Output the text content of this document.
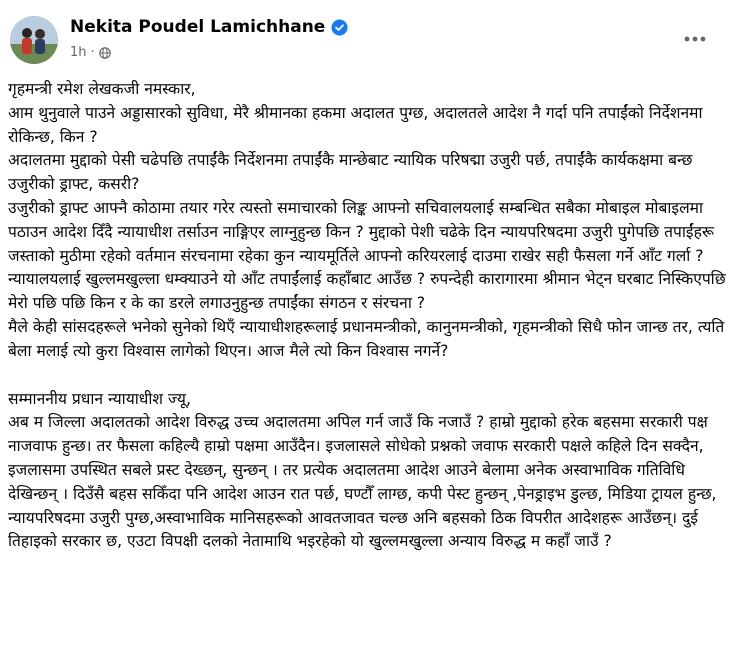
Nekita Poudel Lamichhane
1h ·

गृहमन्त्री रमेश लेखकजी नमस्कार,

आम थुनुवाले पाउने अड्डासारको सुविधा, मेरै श्रीमानका हकमा अदालत पुग्छ, अदालतले आदेश नै गर्दा पनि तपाईंको निर्देशनमा रोकिन्छ, किन ?

अदालतमा मुद्दाको पेसी चढेपछि तपाईंकै निर्देशनमा तपाईंकै मान्छेबाट न्यायिक परिषद्मा उजुरी पर्छ, तपाईंकै कार्यकक्षमा बन्छ उजुरीको ड्राफ्ट, कसरी?

उजुरीको ड्राफ्ट आफ्नै कोठामा तयार गरेर त्यस्तो समाचारको लिङ्क आफ्नो सचिवालयलाई सम्बन्धित सबैका मोबाइल मोबाइलमा पठाउन आदेश दिँदै न्यायाधीश तर्साउन नाङ्गिएर लाग्नुहुन्छ किन ? मुद्दाको पेशी चढेके दिन न्यायपरिषदमा उजुरी पुगेपछि तपाईंहरू जस्ताको मुठीमा रहेको वर्तमान संरचनामा रहेका कुन न्यायमूर्तिले आफ्नो करियरलाई दाउमा राखेर सही फैसला गर्ने आँट गर्ला ? न्यायालयलाई खुल्लमखुल्ला धम्क्याउने यो आँट तपाईंलाई कहाँबाट आउँछ ? रुपन्देही कारागारमा श्रीमान भेट्न घरबाट निस्किएपछि मेरो पछि पछि किन र के का डरले लगाउनुहुन्छ तपाईंका संगठन र संरचना ?

मैले केही सांसदहरूले भनेको सुनेको थिएँ न्यायाधीशहरूलाई प्रधानमन्त्रीको, कानुनमन्त्रीको, गृहमन्त्रीको सिधै फोन जान्छ तर, त्यति बेला मलाई त्यो कुरा विश्वास लागेको थिएन। आज मैले त्यो किन विश्वास नगर्ने?

सम्माननीय प्रधान न्यायाधीश ज्यू,

अब म जिल्ला अदालतको आदेश विरुद्ध उच्च अदालतमा अपिल गर्न जाउँ कि नजाउँ ? हाम्रो मुद्दाको हरेक बहसमा सरकारी पक्ष नाजवाफ हुन्छ। तर फैसला कहिल्यै हाम्रो पक्षमा आउँदैन। इजलासले सोधेको प्रश्नको जवाफ सरकारी पक्षले कहिले दिन सक्दैन, इजलासमा उपस्थित सबले प्रस्ट देख्छन्, सुन्छन् । तर प्रत्येक अदालतमा आदेश आउने बेलामा अनेक अस्वाभाविक गतिविधि देखिन्छन् । दिउँसै बहस सकिँदा पनि आदेश आउन रात पर्छ, घण्टौँ लाग्छ, कपी पेस्ट हुन्छन् ,पेनड्राइभ डुल्छ, मिडिया ट्रायल हुन्छ, न्यायपरिषदमा उजुरी पुग्छ,अस्वाभाविक मानिसहरूको आवतजावत चल्छ अनि बहसको ठिक विपरीत आदेशहरू आउँछन्। दुई तिहाइको सरकार छ, एउटा विपक्षी दलको नेतामाथि भइरहेको यो खुल्लमखुल्ला अन्याय विरुद्ध म कहाँ जाउँ ?
